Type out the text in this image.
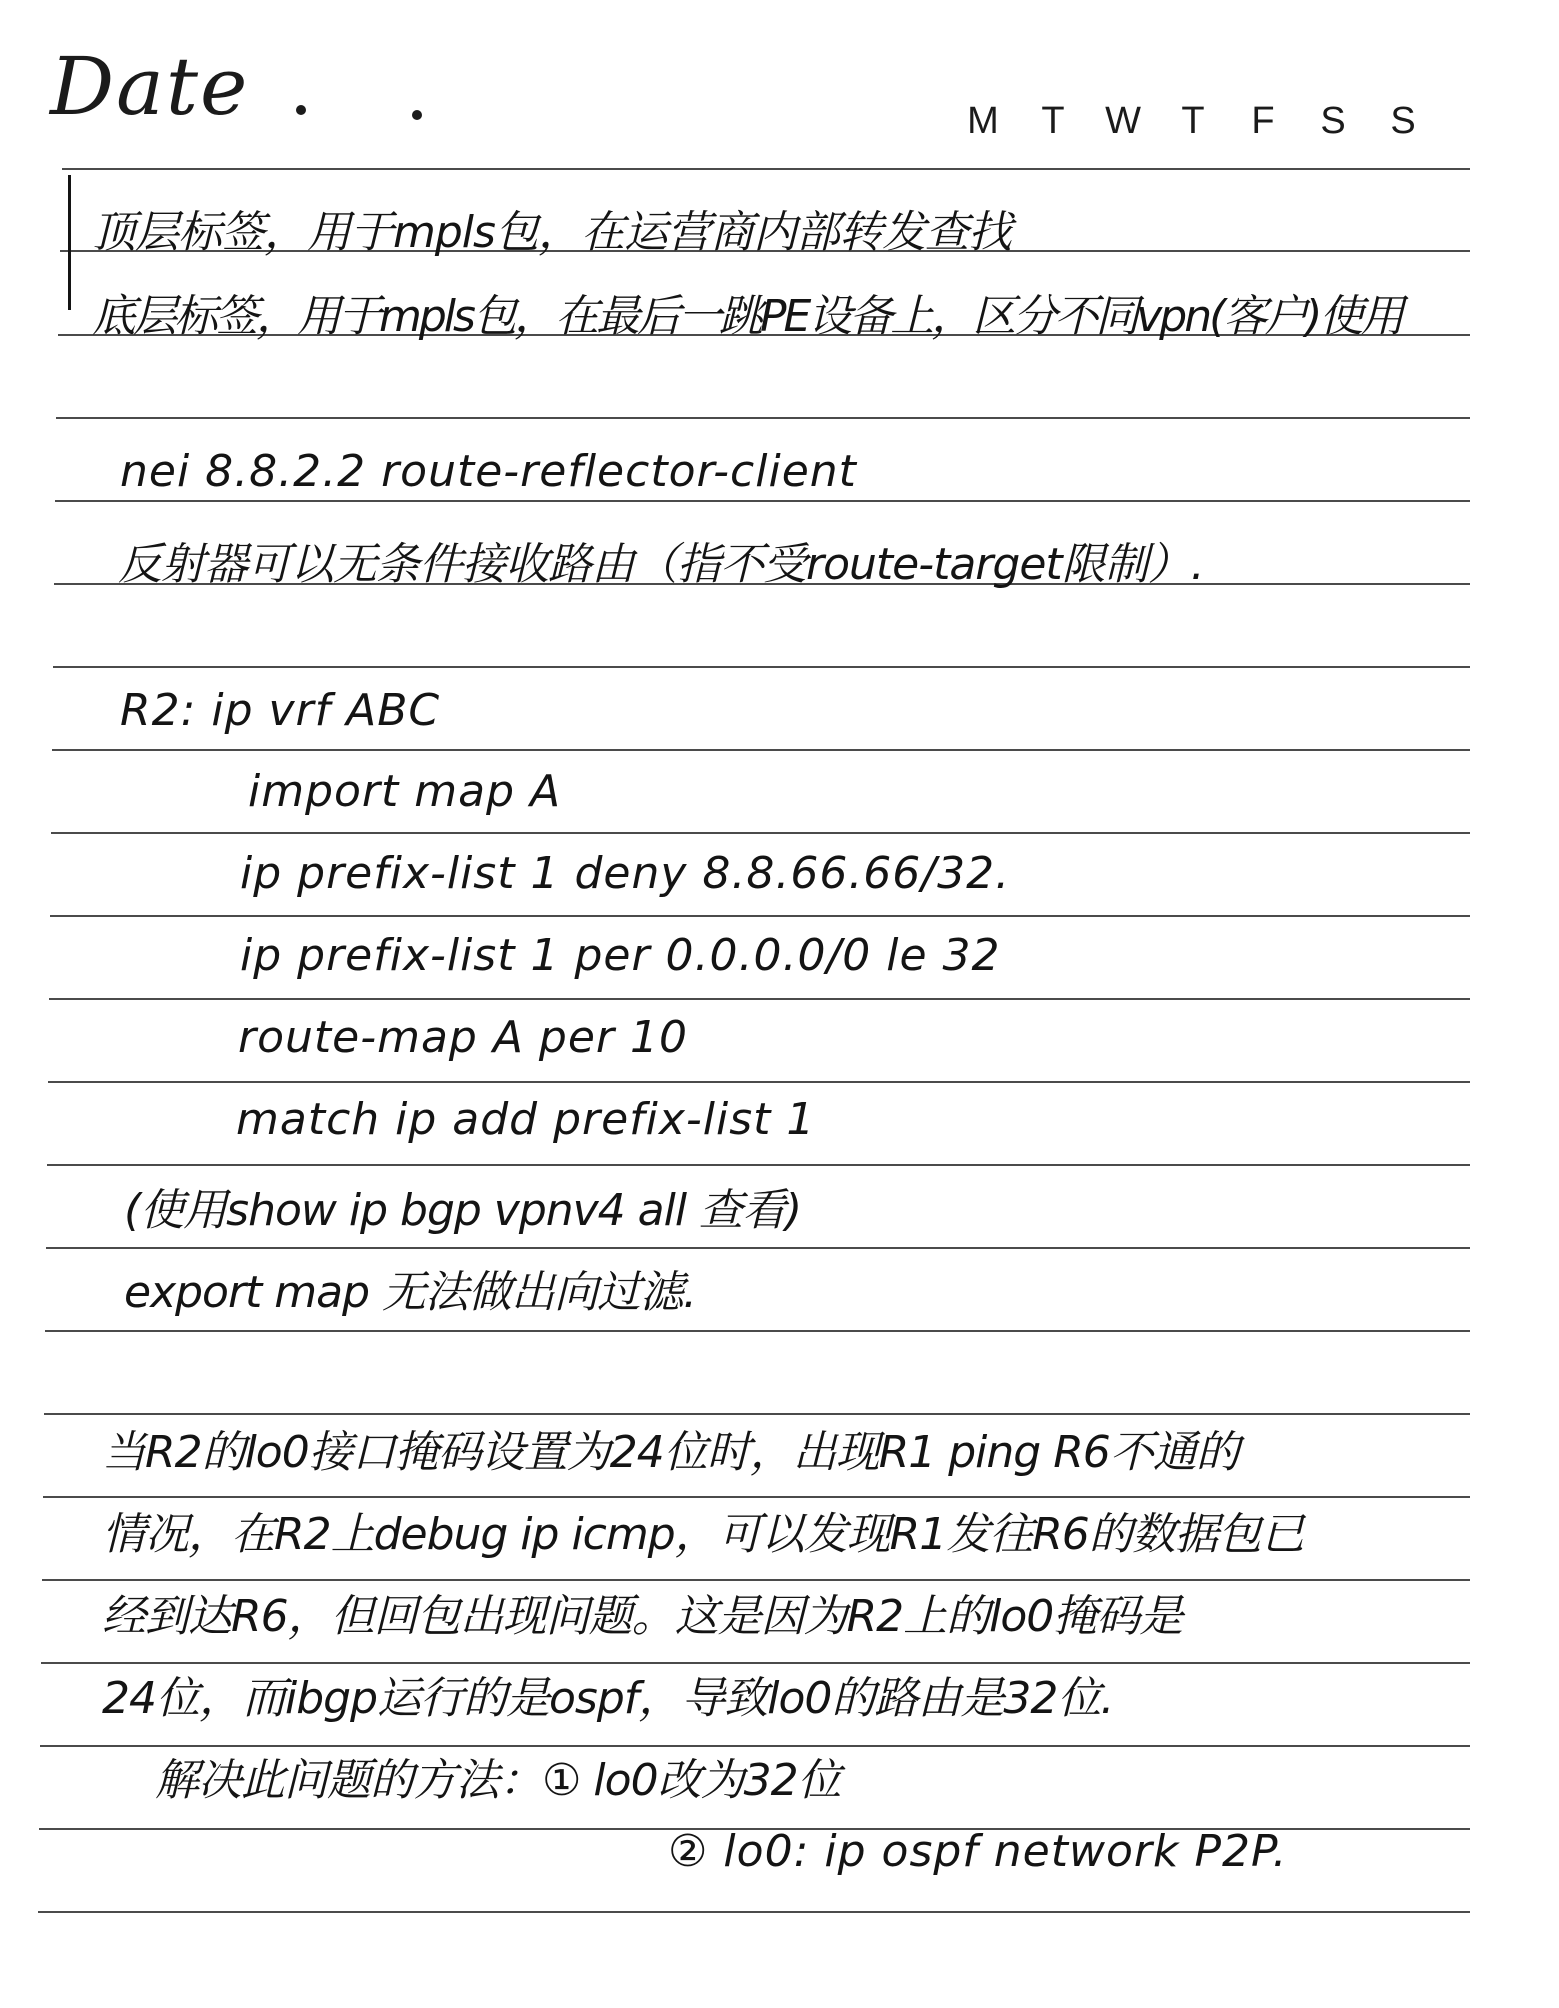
Date	M	T	W	T	F	S	S
顶层标签，用于mpls包，在运营商内部转发查找
底层标签，用于mpls包，在最后一跳PE设备上，区分不同vpn(客户)使用
nei 8.8.2.2 route-reflector-client
反射器可以无条件接收路由（指不受route-target限制）.
R2: ip vrf ABC
import map A
ip prefix-list 1 deny 8.8.66.66/32.
ip prefix-list 1 per 0.0.0.0/0 le 32
route-map A per 10
match ip add prefix-list 1
(使用show ip bgp vpnv4 all 查看)
export map 无法做出向过滤.
当R2的lo0接口掩码设置为24位时，出现R1 ping R6不通的
情况，在R2上debug ip icmp，可以发现R1发往R6的数据包已
经到达R6，但回包出现问题。这是因为R2上的lo0掩码是
24位，而ibgp运行的是ospf，导致lo0的路由是32位.
解决此问题的方法：① lo0改为32位
② lo0: ip ospf network P2P.
